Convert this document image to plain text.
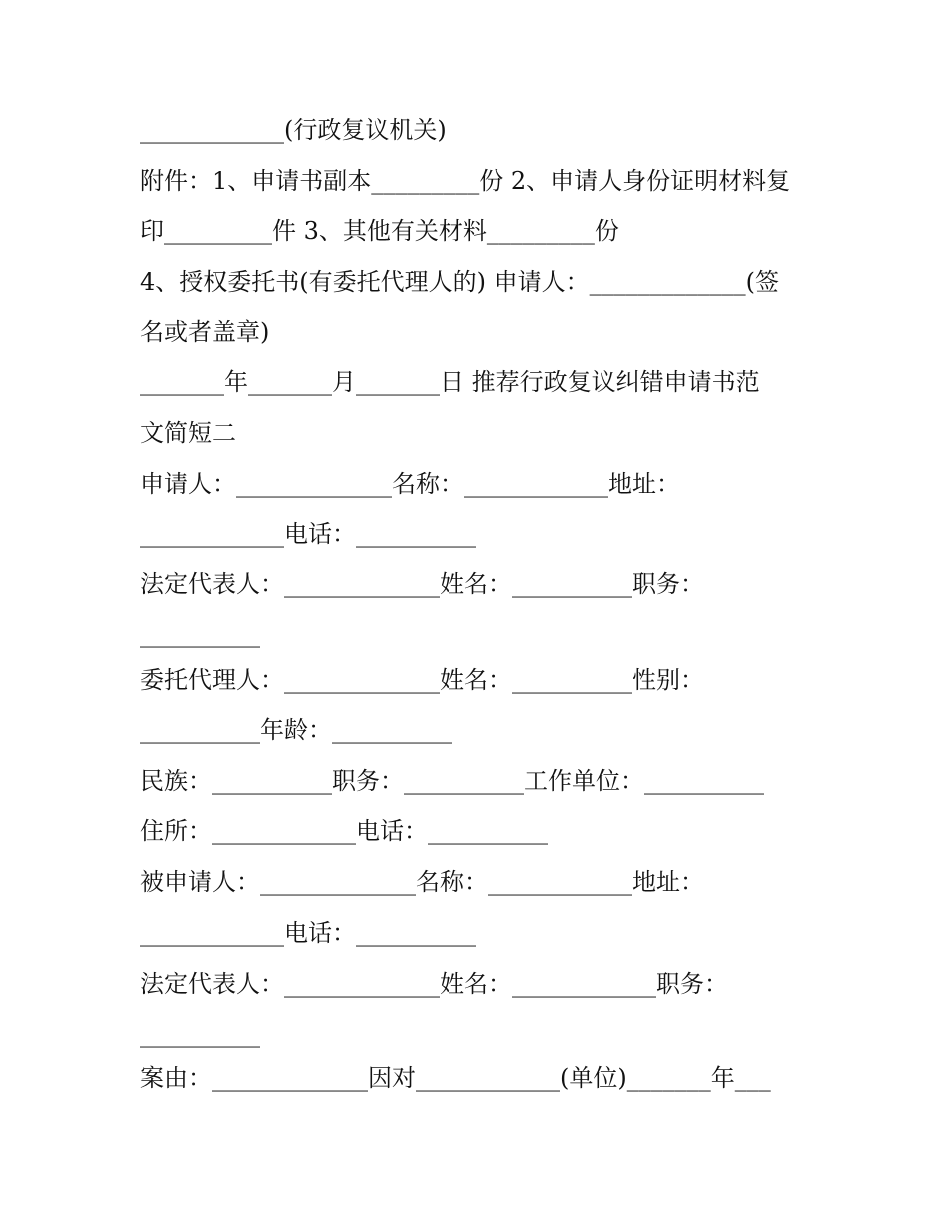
____________(行政复议机关)
附件：1、申请书副本_________份 2、申请人身份证明材料复
印_________件 3、其他有关材料_________份
4、授权委托书(有委托代理人的) 申请人：_____________(签
名或者盖章)
_______年_______月_______日 推荐行政复议纠错申请书范
文简短二
申请人：_____________名称：____________地址：
____________电话：__________
法定代表人：_____________姓名：__________职务：
__________
委托代理人：_____________姓名：__________性别：
__________年龄：__________
民族：__________职务：__________工作单位：__________
住所：____________电话：__________
被申请人：_____________名称：____________地址：
____________电话：__________
法定代表人：_____________姓名：____________职务：
__________
案由：_____________因对____________(单位)_______年___
